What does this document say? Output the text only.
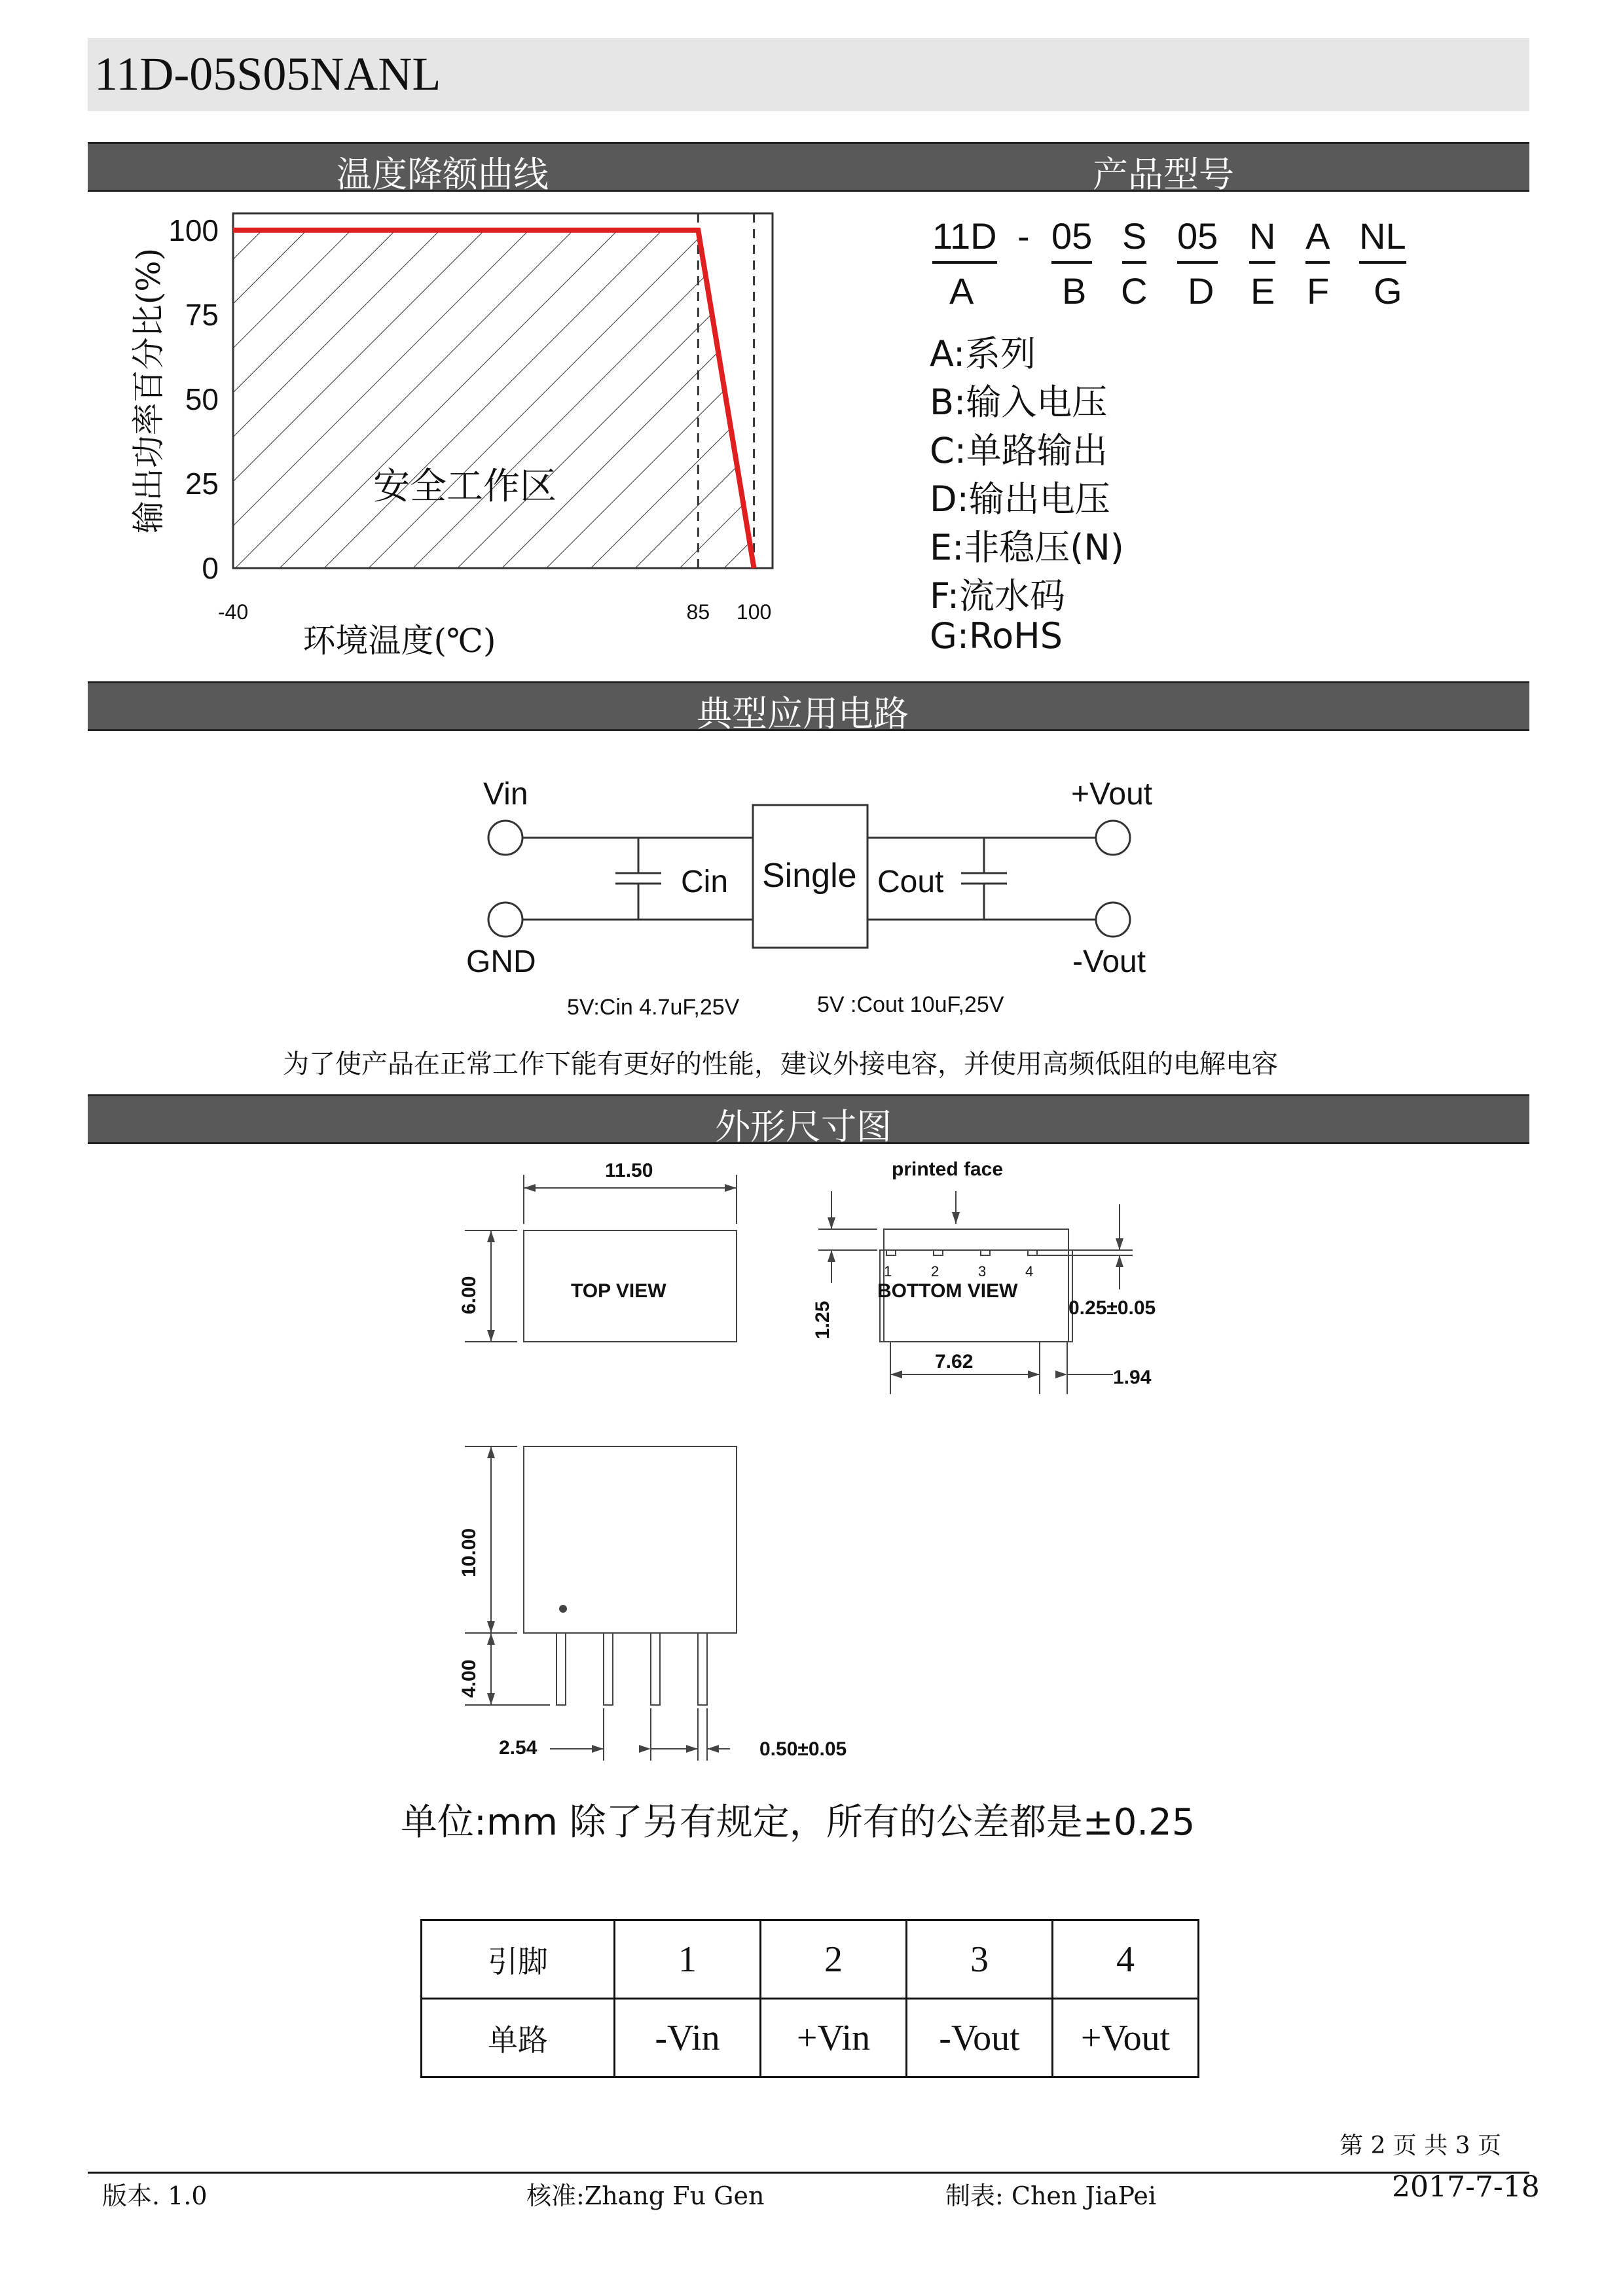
11D-05S05NANL
温度降额曲线	产品型号
100
75
50
25
0
-40	85 100
环境温度(℃)
输出功率百分比(%)	安全工作区
11D - 05 S 05 N A NL
A B C D E F G
A:系列
B:输入电压
C:单路输出
D:输出电压
E:非稳压(N)
F:流水码
G:RoHS
典型应用电路
Vin
GND
+Vout
-Vout
Cin	Cout
Single
5V:Cin 4.7uF,25V	5V :Cout 10uF,25V
为了使产品在正常工作下能有更好的性能，建议外接电容，并使用高频低阻的电解电容
外形尺寸图
11.50
6.00	TOP VIEW
printed face
1	2	3	4
BOTTOM VIEW
1.25	0.25±0.05
7.62
1.94
10.00
4.00
2.54	0.50±0.05
单位:mm 除了另有规定，所有的公差都是±0.25
引脚	1	2	3	4
单路	-Vin	+Vin	-Vout	+Vout
第 2 页 共 3 页
版本. 1.0	核准:Zhang Fu Gen	制表: Chen JiaPei	2017-7-18
